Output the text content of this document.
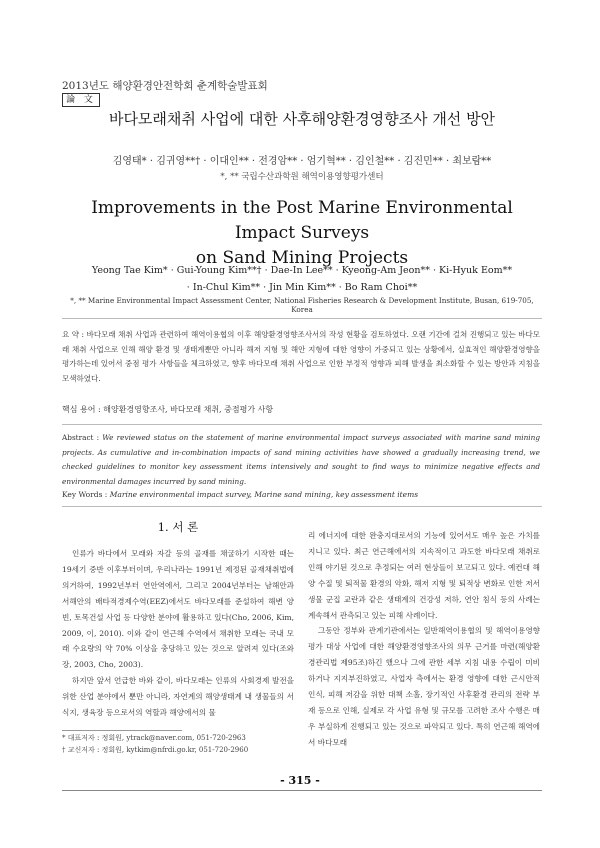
2013년도 해양환경안전학회 춘계학술발표회
論 文
바다모래채취 사업에 대한 사후해양환경영향조사 개선 방안
김영태* · 김귀영**† · 이대인** · 전경암** · 엄기혁** · 김인철** · 김진민** · 최보람**
*, ** 국립수산과학원 해역이용영향평가센터
Improvements in the Post Marine Environmental Impact Surveys
on Sand Mining Projects
Yeong Tae Kim* · Gui-Young Kim**† · Dae-In Lee** · Kyeong-Am Jeon** · Ki-Hyuk Eom**
· In-Chul Kim** · Jin Min Kim** · Bo Ram Choi**
*, ** Marine Environmental Impact Assessment Center, National Fisheries Research & Development Institute, Busan, 619-705, Korea
요 약 : 바다모래 채취 사업과 관련하여 해역이용협의 이후 해양환경영향조사서의 작성 현황을 검토하였다. 오랜 기간에 걸쳐 진행되고 있는 바다모래 채취 사업으로 인해 해양 환경 및 생태계뿐만 아니라 해저 지형 및 해안 지형에 대한 영향이 가중되고 있는 상황에서, 실효적인 해양환경영향을 평가하는데 있어서 중점 평가 사항들을 체크하였고, 향후 바다모래 채취 사업으로 인한 부정적 영향과 피해 발생을 최소화할 수 있는 방안과 지침을 모색하였다.
핵심 용어 : 해양환경영향조사, 바다모래 채취, 중점평가 사항
Abstract : We reviewed status on the statement of marine environmental impact surveys associated with marine sand mining projects. As cumulative and in-combination impacts of sand mining activities have showed a gradually increasing trend, we checked guidelines to monitor key assessment items intensively and sought to find ways to minimize negative effects and environmental damages incurred by sand mining.
Key Words : Marine environmental impact survey, Marine sand mining, key assessment items
1. 서 론

인류가 바다에서 모래와 자갈 등의 골재를 채굴하기 시작한 때는 19세기 중반 이후부터이며, 우리나라는 1991년 제정된 골재채취법에 의거하여, 1992년부터 연안역에서, 그리고 2004년부터는 남해안과 서해안의 배타적경제수역(EEZ)에서도 바다모래를 준설하여 해변 양빈, 토목건설 사업 등 다양한 분야에 활용하고 있다(Cho, 2006, Kim, 2009, 이, 2010). 이와 같이 연근해 수역에서 채취한 모래는 국내 모래 수요량의 약 70% 이상을 충당하고 있는 것으로 알려져 있다(조와 장, 2003, Cho, 2003).

하지만 앞서 언급한 바와 같이, 바다모래는 인류의 사회경제 발전을 위한 산업 분야에서 뿐만 아니라, 자연계의 해양생태계 내 생물들의 서식지, 생육장 등으로서의 역할과 해양에서의 물

* 대표저자 : 정회원, ytrack@naver.com, 051-720-2963
† 교신저자 : 정회원, kytkim@nfrdi.go.kr, 051-720-2960

리 에너지에 대한 완충지대로서의 기능에 있어서도 매우 높은 가치를 지니고 있다. 최근 연근해에서의 지속적이고 과도한 바다모래 채취로 인해 야기된 것으로 추정되는 여러 현상들이 보고되고 있다. 예컨대 해양 수질 및 퇴적물 환경의 악화, 해저 지형 및 퇴적상 변화로 인한 저서생물 군집 교란과 같은 생태계의 건강성 저하, 연안 침식 등의 사례는 계속해서 관측되고 있는 피해 사례이다.

그동안 정부와 관계기관에서는 일반해역이용협의 및 해역이용영향평가 대상 사업에 대한 해양환경영향조사의 의무 근거를 마련(해양환경관리법 제95조)하긴 했으나 그에 관한 세부 지침 내용 수립이 미비하거나 지지부진하였고, 사업자 측에서는 환경 영향에 대한 근시안적 인식, 피해 저감을 위한 대책 소홀, 장기적인 사후환경 관리의 전략 부재 등으로 인해, 실제로 각 사업 유형 및 규모를 고려한 조사 수행은 매우 부실하게 진행되고 있는 것으로 파악되고 있다. 특히 연근해 해역에서 바다모래

- 315 -
